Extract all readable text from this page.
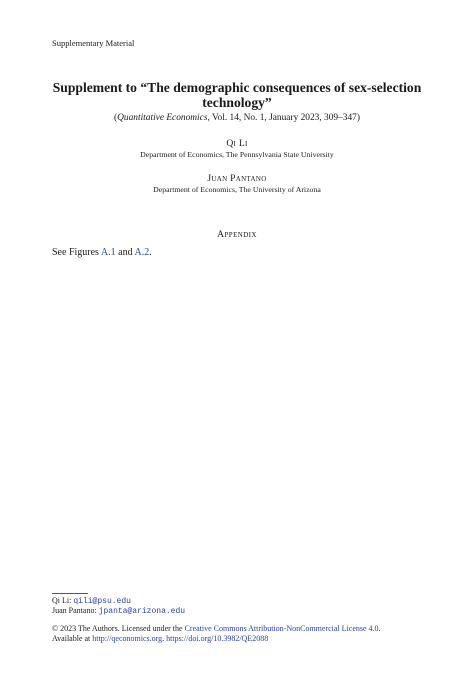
Supplementary Material

Supplement to “The demographic consequences of sex-selection
technology”

(Quantitative Economics, Vol. 14, No. 1, January 2023, 309–347)
Qi Li
Department of Economics, The Pennsylvania State University
Juan Pantano
Department of Economics, The University of Arizona
Appendix
See Figures A.1 and A.2.
Qi Li: qili@psu.edu
Juan Pantano: jpanta@arizona.edu
© 2023 The Authors. Licensed under the Creative Commons Attribution-NonCommercial License 4.0.
Available at http://qeconomics.org. https://doi.org/10.3982/QE2088
